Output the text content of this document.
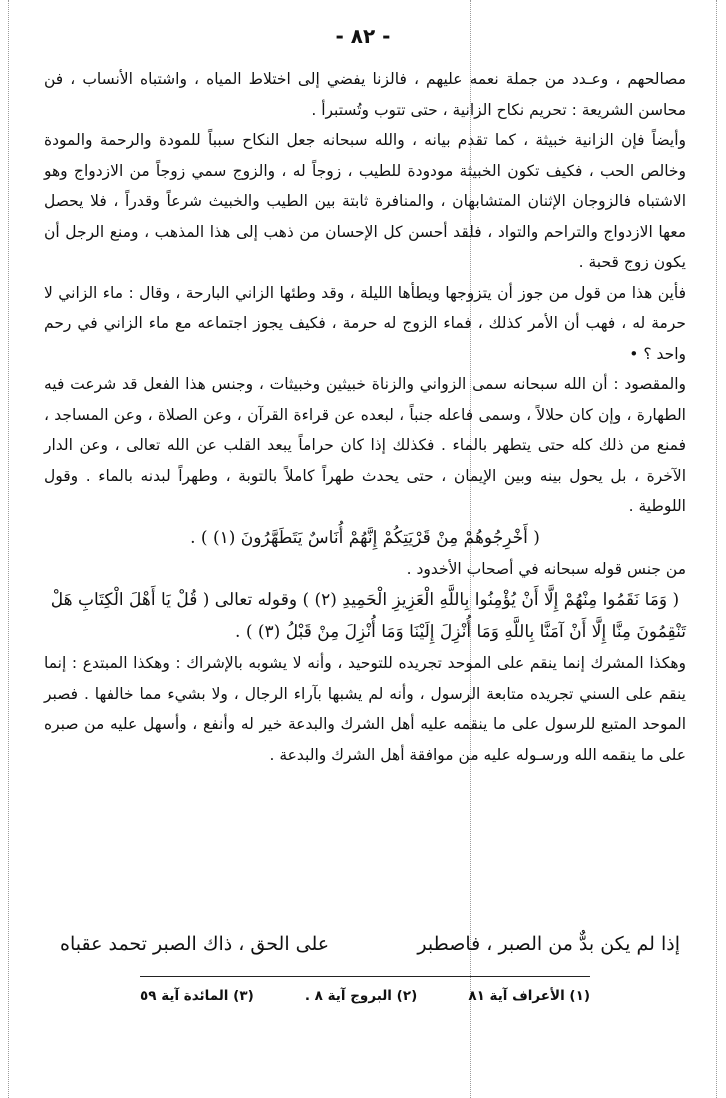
- ٨٢ -

مصالحهم ، وعـدد من جملة نعمه عليهم ، فالزنا يفضي إلى اختلاط المياه ، واشتباه الأنساب ، فن محاسن الشريعة : تحريم نكاح الزانية ، حتى تتوب وتُستبرأ .

وأيضاً فإن الزانية خبيثة ، كما تقدم بيانه ، والله سبحانه جعل النكاح سبباً للمودة والرحمة والمودة وخالص الحب ، فكيف تكون الخبيثة مودودة للطيب ، زوجاً له ، والزوج سمي زوجاً من الازدواج وهو الاشتباه فالزوجان الإثنان المتشابهان ، والمنافرة ثابتة بين الطيب والخبيث شرعاً وقدراً ، فلا يحصل معها الازدواج والتراحم والتواد ، فلقد أحسن كل الإحسان من ذهب إلى هذا المذهب ، ومنع الرجل أن يكون زوج قحبة .

فأين هذا من قول من جوز أن يتزوجها ويطأها الليلة ، وقد وطئها الزاني البارحة ، وقال : ماء الزاني لا حرمة له ، فهب أن الأمر كذلك ، فماء الزوج له حرمة ، فكيف يجوز اجتماعه مع ماء الزاني في رحم واحد ؟ •

والمقصود : أن الله سبحانه سمى الزواني والزناة خبيثين وخبيثات ، وجنس هذا الفعل قد شرعت فيه الطهارة ، وإن كان حلالاً ، وسمى فاعله جنباً ، لبعده عن قراءة القرآن ، وعن الصلاة ، وعن المساجد ، فمنع من ذلك كله حتى يتطهر بالماء . فكذلك إذا كان حراماً يبعد القلب عن الله تعالى ، وعن الدار الآخرة ، بل يحول بينه وبين الإيمان ، حتى يحدث طهراً كاملاً بالتوبة ، وطهراً لبدنه بالماء . وقول اللوطية .

( أَخْرِجُوهُمْ مِنْ قَرْيَتِكُمْ إِنَّهُمْ أُنَاسٌ يَتَطَهَّرُونَ (١) ) .

من جنس قوله سبحانه في أصحاب الأخدود .

( وَمَا نَقَمُوا مِنْهُمْ إِلَّا أَنْ يُؤْمِنُوا بِاللَّهِ الْعَزِيزِ الْحَمِيدِ (٢) ) وقوله تعالى ( قُلْ يَا أَهْلَ الْكِتَابِ هَلْ تَنْقِمُونَ مِنَّا إِلَّا أَنْ آمَنَّا بِاللَّهِ وَمَا أُنْزِلَ إِلَيْنَا وَمَا أُنْزِلَ مِنْ قَبْلُ (٣) ) .

وهكذا المشرك إنما ينقم على الموحد تجريده للتوحيد ، وأنه لا يشوبه بالإشراك : وهكذا المبتدع : إنما ينقم على السني تجريده متابعة الرسول ، وأنه لم يشبها بآراء الرجال ، ولا بشيء مما خالفها . فصبر الموحد المتبع للرسول على ما ينقمه عليه أهل الشرك والبدعة خير له وأنفع ، وأسهل عليه من صبره على ما ينقمه الله ورسـوله عليه من موافقة أهل الشرك والبدعة .

إذا لم يكن بدٌّ من الصبر ، فاصطبر
على الحق ، ذاك الصبر تحمد عقباه
(١) الأعراف آية ٨١
(٢) البروج آية ٨ .
(٣) المائدة آية ٥٩
